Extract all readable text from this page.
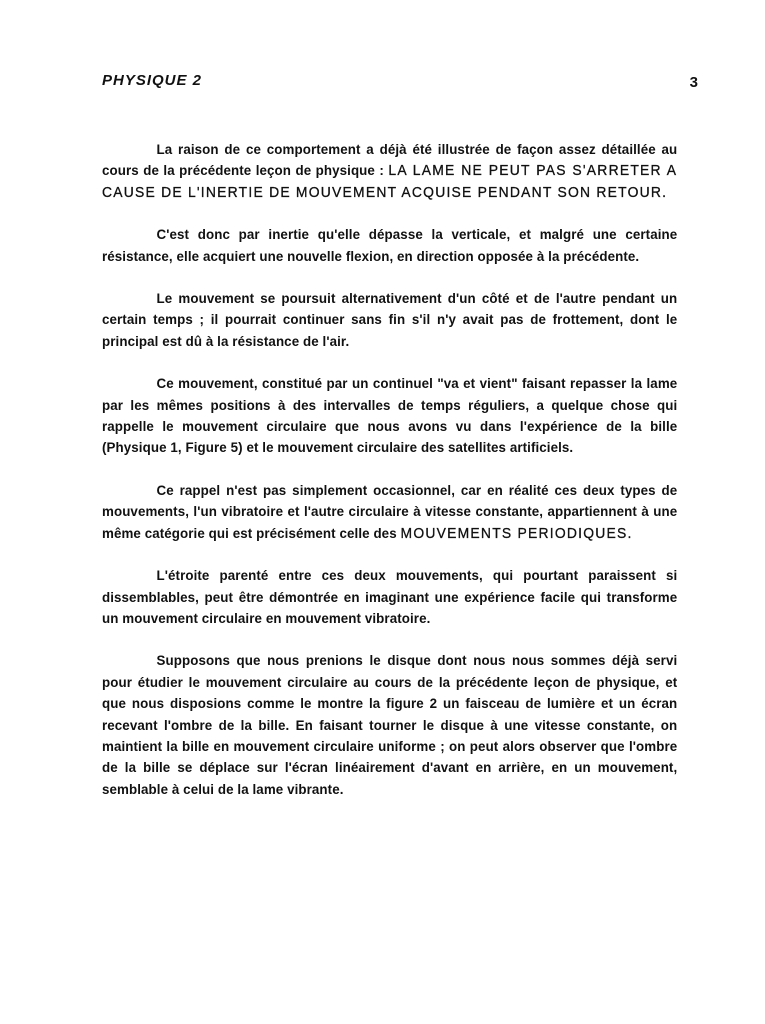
PHYSIQUE 2	3

La raison de ce comportement a déjà été illustrée de façon assez détaillée au cours de la précédente leçon de physique : LA LAME NE PEUT PAS S'ARRETER A CAUSE DE L'INERTIE DE MOUVEMENT ACQUISE PENDANT SON RETOUR.

C'est donc par inertie qu'elle dépasse la verticale, et malgré une certaine résistance, elle acquiert une nouvelle flexion, en direction opposée à la précédente.

Le mouvement se poursuit alternativement d'un côté et de l'autre pendant un certain temps ; il pourrait continuer sans fin s'il n'y avait pas de frottement, dont le principal est dû à la résistance de l'air.

Ce mouvement, constitué par un continuel "va et vient" faisant repasser la lame par les mêmes positions à des intervalles de temps réguliers, a quelque chose qui rappelle le mouvement circulaire que nous avons vu dans l'expérience de la bille (Physique 1, Figure 5) et le mouvement circulaire des satellites artificiels.

Ce rappel n'est pas simplement occasionnel, car en réalité ces deux types de mouvements, l'un vibratoire et l'autre circulaire à vitesse constante, appartiennent à une même catégorie qui est précisément celle des MOUVEMENTS PERIODIQUES.

L'étroite parenté entre ces deux mouvements, qui pourtant paraissent si dissemblables, peut être démontrée en imaginant une expérience facile qui transforme un mouvement circulaire en mouvement vibratoire.

Supposons que nous prenions le disque dont nous nous sommes déjà servi pour étudier le mouvement circulaire au cours de la précédente leçon de physique, et que nous disposions comme le montre la figure 2 un faisceau de lumière et un écran recevant l'ombre de la bille. En faisant tourner le disque à une vitesse constante, on maintient la bille en mouvement circulaire uniforme ; on peut alors observer que l'ombre de la bille se déplace sur l'écran linéairement d'avant en arrière, en un mouvement, semblable à celui de la lame vibrante.
